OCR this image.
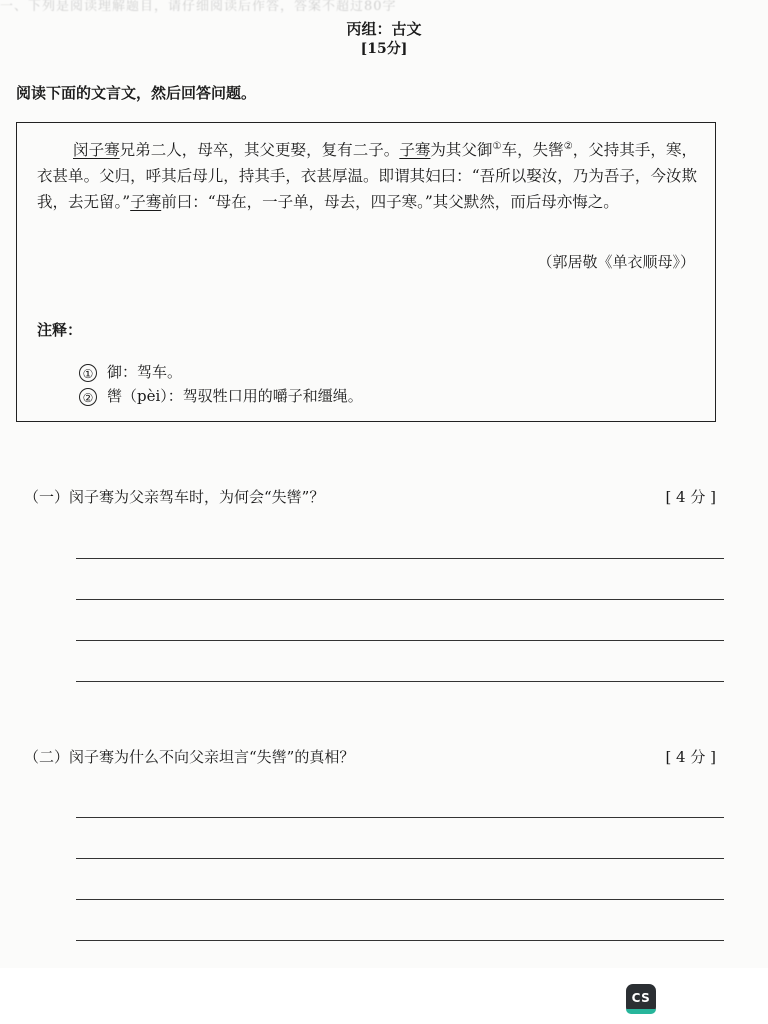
一、下列是阅读理解题目，请仔细阅读后作答，答案不超过80字
丙组：古文
[15分]
阅读下面的文言文，然后回答问题。

闵子骞兄弟二人，母卒，其父更娶，复有二子。子骞为其父御①车，失辔②，父持其手，寒，衣甚单。父归，呼其后母儿，持其手，衣甚厚温。即谓其妇曰：“吾所以娶汝，乃为吾子，今汝欺我，去无留。”子骞前曰：“母在，一子单，母去，四子寒。”其父默然，而后母亦悔之。

（郭居敬《单衣顺母》）
注释：
① 御：驾车。
② 辔（pèi）：驾驭牲口用的嚼子和缰绳。
（一）闵子骞为父亲驾车时，为何会“失辔”？	[ 4 分 ]
（二）闵子骞为什么不向父亲坦言“失辔”的真相？	[ 4 分 ]
CS
